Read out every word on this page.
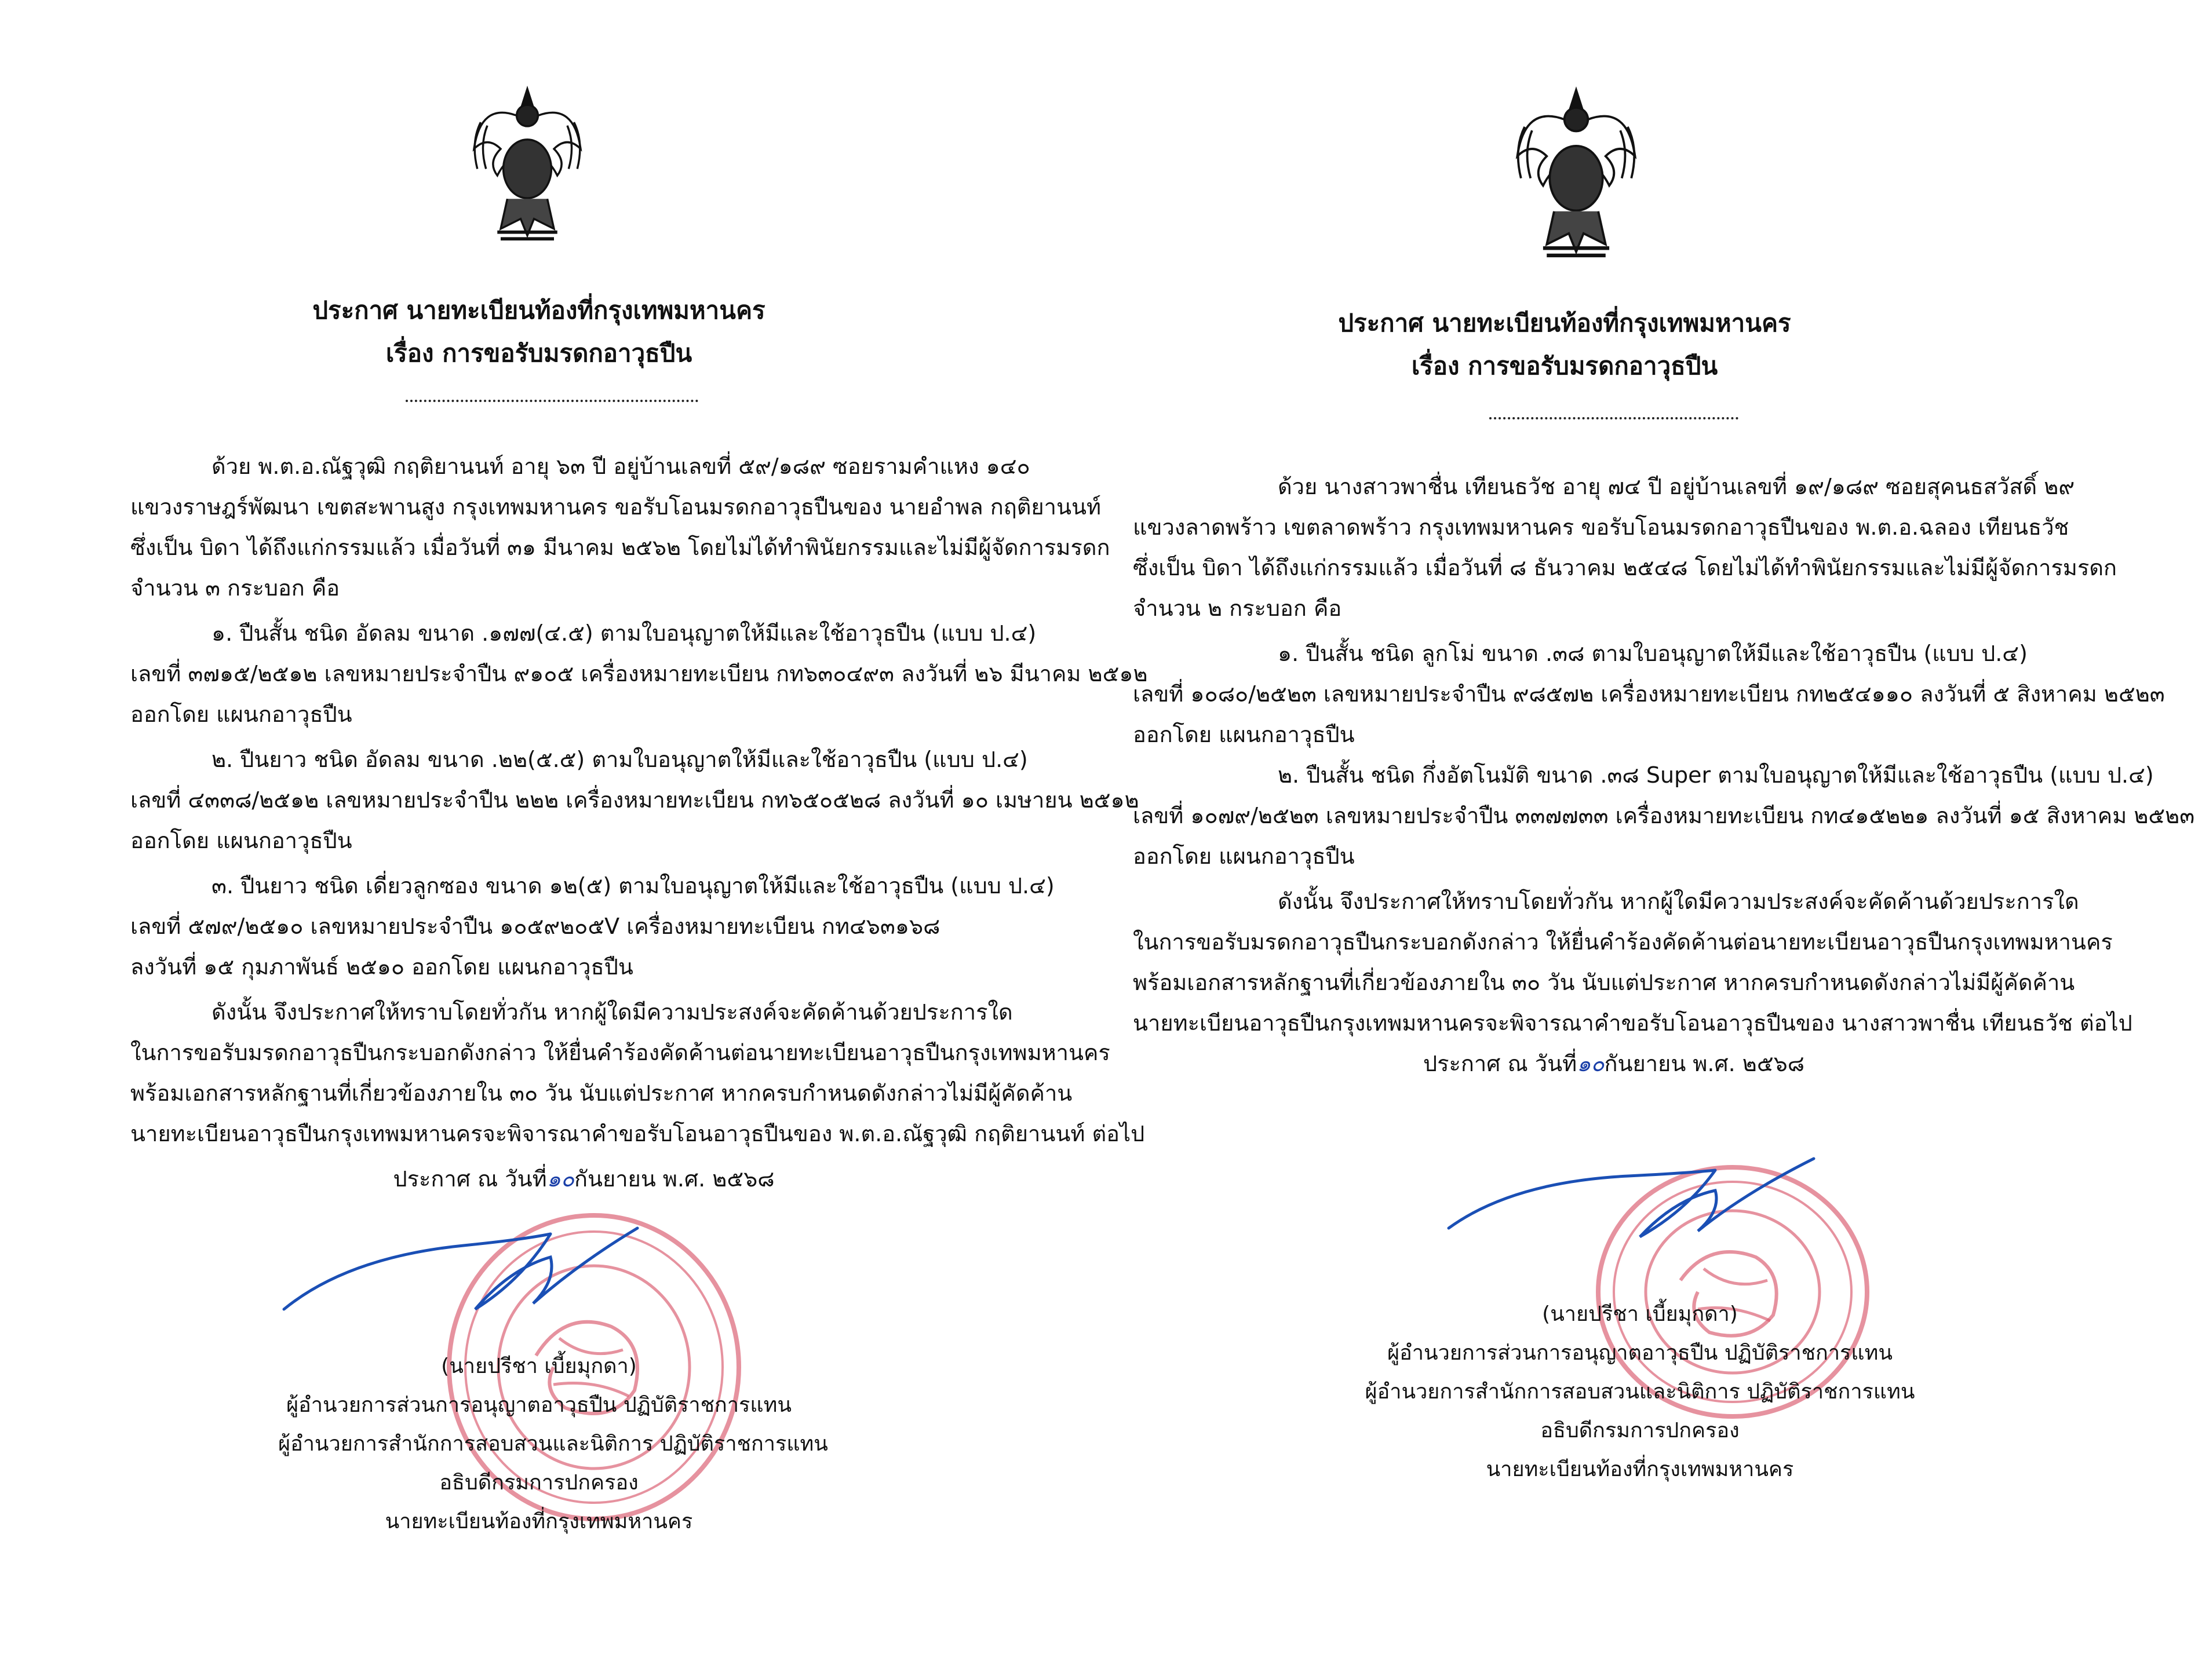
ประกาศ นายทะเบียนท้องที่กรุงเทพมหานคร
เรื่อง การขอรับมรดกอาวุธปืน
ด้วย พ.ต.อ.ณัฐวุฒิ กฤติยานนท์ อายุ ๖๓ ปี อยู่บ้านเลขที่ ๕๙/๑๘๙ ซอยรามคำแหง ๑๔๐
แขวงราษฎร์พัฒนา เขตสะพานสูง กรุงเทพมหานคร ขอรับโอนมรดกอาวุธปืนของ นายอำพล กฤติยานนท์
ซึ่งเป็น บิดา ได้ถึงแก่กรรมแล้ว เมื่อวันที่ ๓๑ มีนาคม ๒๕๖๒ โดยไม่ได้ทำพินัยกรรมและไม่มีผู้จัดการมรดก
จำนวน ๓ กระบอก คือ
๑. ปืนสั้น ชนิด อัดลม ขนาด .๑๗๗(๔.๕) ตามใบอนุญาตให้มีและใช้อาวุธปืน (แบบ ป.๔)
เลขที่ ๓๗๑๕/๒๕๑๒ เลขหมายประจำปืน ๙๑๐๕ เครื่องหมายทะเบียน กท๖๓๐๔๙๓ ลงวันที่ ๒๖ มีนาคม ๒๕๑๒
ออกโดย แผนกอาวุธปืน
๒. ปืนยาว ชนิด อัดลม ขนาด .๒๒(๕.๕) ตามใบอนุญาตให้มีและใช้อาวุธปืน (แบบ ป.๔)
เลขที่ ๔๓๓๘/๒๕๑๒ เลขหมายประจำปืน ๒๒๒ เครื่องหมายทะเบียน กท๖๕๐๕๒๘ ลงวันที่ ๑๐ เมษายน ๒๕๑๒
ออกโดย แผนกอาวุธปืน
๓. ปืนยาว ชนิด เดี่ยวลูกซอง ขนาด ๑๒(๕) ตามใบอนุญาตให้มีและใช้อาวุธปืน (แบบ ป.๔)
เลขที่ ๕๗๙/๒๕๑๐ เลขหมายประจำปืน ๑๐๕๙๒๐๕V เครื่องหมายทะเบียน กท๔๖๓๑๖๘
ลงวันที่ ๑๕ กุมภาพันธ์ ๒๕๑๐ ออกโดย แผนกอาวุธปืน
ดังนั้น จึงประกาศให้ทราบโดยทั่วกัน หากผู้ใดมีความประสงค์จะคัดค้านด้วยประการใด
ในการขอรับมรดกอาวุธปืนกระบอกดังกล่าว ให้ยื่นคำร้องคัดค้านต่อนายทะเบียนอาวุธปืนกรุงเทพมหานคร
พร้อมเอกสารหลักฐานที่เกี่ยวข้องภายใน ๓๐ วัน นับแต่ประกาศ หากครบกำหนดดังกล่าวไม่มีผู้คัดค้าน
นายทะเบียนอาวุธปืนกรุงเทพมหานครจะพิจารณาคำขอรับโอนอาวุธปืนของ พ.ต.อ.ณัฐวุฒิ กฤติยานนท์ ต่อไป
ประกาศ ณ วันที่๑๐กันยายน พ.ศ. ๒๕๖๘
(นายปรีชา เบี้ยมุกดา)
ผู้อำนวยการส่วนการอนุญาตอาวุธปืน ปฏิบัติราชการแทน
ผู้อำนวยการสำนักการสอบสวนและนิติการ ปฏิบัติราชการแทน
อธิบดีกรมการปกครอง
นายทะเบียนท้องที่กรุงเทพมหานคร
ประกาศ นายทะเบียนท้องที่กรุงเทพมหานคร
เรื่อง การขอรับมรดกอาวุธปืน
ด้วย นางสาวพาชื่น เทียนธวัช อายุ ๗๔ ปี อยู่บ้านเลขที่ ๑๙/๑๘๙ ซอยสุคนธสวัสดิ์ ๒๙
แขวงลาดพร้าว เขตลาดพร้าว กรุงเทพมหานคร ขอรับโอนมรดกอาวุธปืนของ พ.ต.อ.ฉลอง เทียนธวัช
ซึ่งเป็น บิดา ได้ถึงแก่กรรมแล้ว เมื่อวันที่ ๘ ธันวาคม ๒๕๔๘ โดยไม่ได้ทำพินัยกรรมและไม่มีผู้จัดการมรดก
จำนวน ๒ กระบอก คือ
๑. ปืนสั้น ชนิด ลูกโม่ ขนาด .๓๘ ตามใบอนุญาตให้มีและใช้อาวุธปืน (แบบ ป.๔)
เลขที่ ๑๐๘๐/๒๕๒๓ เลขหมายประจำปืน ๙๘๕๗๒ เครื่องหมายทะเบียน กท๒๕๔๑๑๐ ลงวันที่ ๕ สิงหาคม ๒๕๒๓
ออกโดย แผนกอาวุธปืน
๒. ปืนสั้น ชนิด กึ่งอัตโนมัติ ขนาด .๓๘ Super ตามใบอนุญาตให้มีและใช้อาวุธปืน (แบบ ป.๔)
เลขที่ ๑๐๗๙/๒๕๒๓ เลขหมายประจำปืน ๓๓๗๗๓๓ เครื่องหมายทะเบียน กท๔๑๕๒๒๑ ลงวันที่ ๑๕ สิงหาคม ๒๕๒๓
ออกโดย แผนกอาวุธปืน
ดังนั้น จึงประกาศให้ทราบโดยทั่วกัน หากผู้ใดมีความประสงค์จะคัดค้านด้วยประการใด
ในการขอรับมรดกอาวุธปืนกระบอกดังกล่าว ให้ยื่นคำร้องคัดค้านต่อนายทะเบียนอาวุธปืนกรุงเทพมหานคร
พร้อมเอกสารหลักฐานที่เกี่ยวข้องภายใน ๓๐ วัน นับแต่ประกาศ หากครบกำหนดดังกล่าวไม่มีผู้คัดค้าน
นายทะเบียนอาวุธปืนกรุงเทพมหานครจะพิจารณาคำขอรับโอนอาวุธปืนของ นางสาวพาชื่น เทียนธวัช ต่อไป
ประกาศ ณ วันที่๑๐กันยายน พ.ศ. ๒๕๖๘
(นายปรีชา เบี้ยมุกดา)
ผู้อำนวยการส่วนการอนุญาตอาวุธปืน ปฏิบัติราชการแทน
ผู้อำนวยการสำนักการสอบสวนและนิติการ ปฏิบัติราชการแทน
อธิบดีกรมการปกครอง
นายทะเบียนท้องที่กรุงเทพมหานคร
